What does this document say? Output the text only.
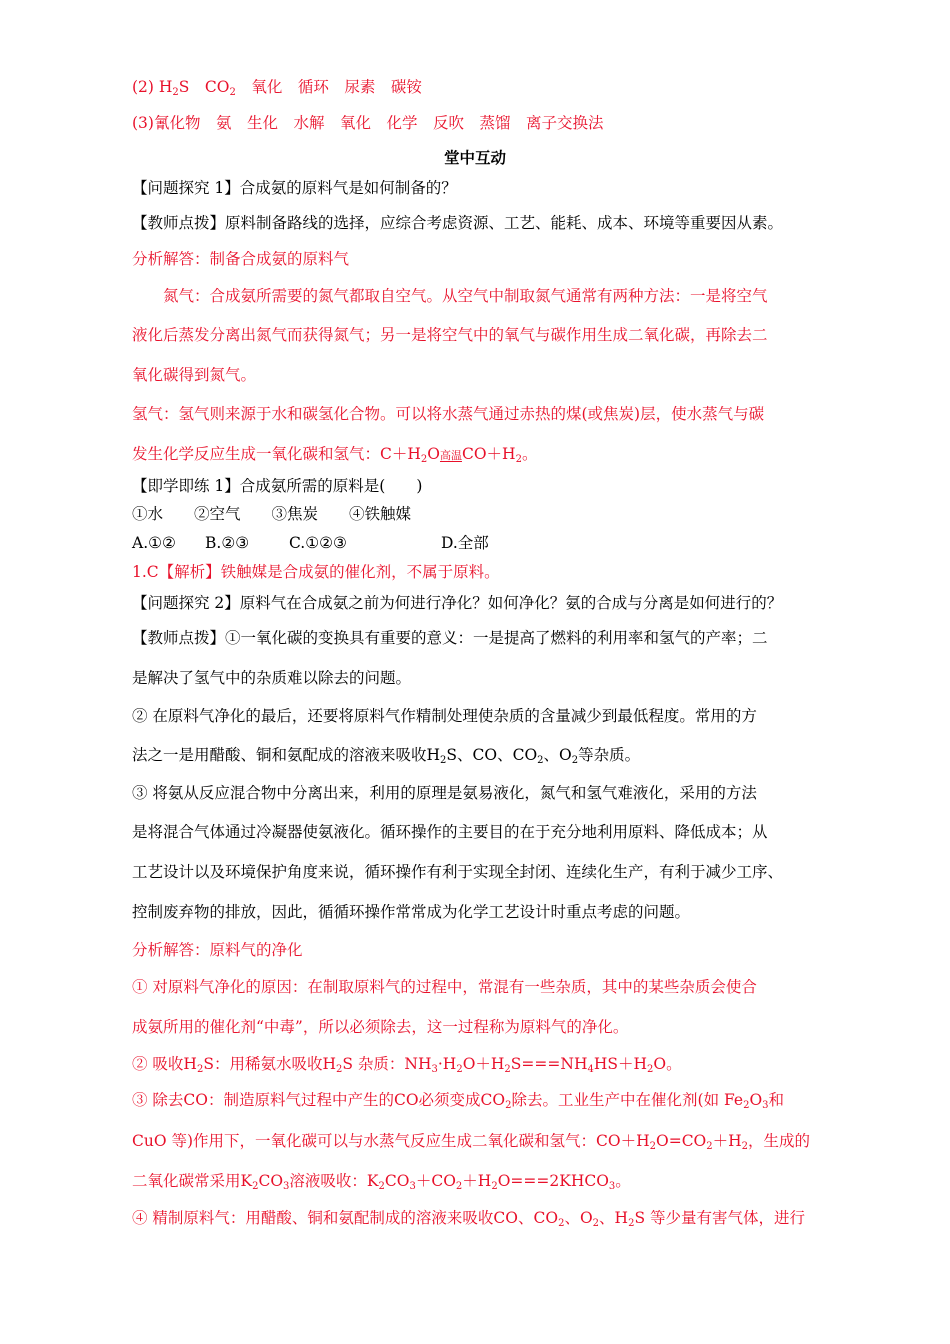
(2) $H_2S$　$CO_2$　氧化　循环　尿素　碳铵
(3)氰化物　氨　生化　水解　氧化　化学　反吹　蒸馏　离子交换法
堂中互动
【问题探究 1】合成氨的原料气是如何制备的？
【教师点拨】原料制备路线的选择，应综合考虑资源、工艺、能耗、成本、环境等重要因从素。
分析解答：制备合成氨的原料气
氮气：合成氨所需要的氮气都取自空气。从空气中制取氮气通常有两种方法：一是将空气
液化后蒸发分离出氮气而获得氮气；另一是将空气中的氧气与碳作用生成二氧化碳，再除去二
氧化碳得到氮气。
氢气：氢气则来源于水和碳氢化合物。可以将水蒸气通过赤热的煤(或焦炭)层，使水蒸气与碳
发生化学反应生成一氧化碳和氢气：$C+H_2O$高温$CO+H_2$。
【即学即练 1】合成氨所需的原料是(　　)
①水　　②空气　　③焦炭　　④铁触媒
A.①② B.②③	C.①②③	D.全部
1.C【解析】铁触媒是合成氨的催化剂，不属于原料。
【问题探究 2】原料气在合成氨之前为何进行净化？如何净化？氨的合成与分离是如何进行的？
【教师点拨】①一氧化碳的变换具有重要的意义：一是提高了燃料的利用率和氢气的产率；二
是解决了氢气中的杂质难以除去的问题。
② 在原料气净化的最后，还要将原料气作精制处理使杂质的含量减少到最低程度。常用的方
法之一是用醋酸、铜和氨配成的溶液来吸收$H_2S$、CO、$CO_2$、$O_2$等杂质。
③ 将氨从反应混合物中分离出来，利用的原理是氨易液化，氮气和氢气难液化，采用的方法
是将混合气体通过冷凝器使氨液化。循环操作的主要目的在于充分地利用原料、降低成本；从
工艺设计以及环境保护角度来说，循环操作有利于实现全封闭、连续化生产，有利于减少工序、
控制废弃物的排放，因此，循循环操作常常成为化学工艺设计时重点考虑的问题。
分析解答：原料气的净化
① 对原料气净化的原因：在制取原料气的过程中，常混有一些杂质，其中的某些杂质会使合
成氨所用的催化剂“中毒”，所以必须除去，这一过程称为原料气的净化。
② 吸收$H_2S$：用稀氨水吸收$H_2S$ 杂质：$NH_3\cdot H_2O+H_2S===NH_4HS+H_2O$。
③ 除去CO：制造原料气过程中产生的CO必须变成$CO_2$除去。工业生产中在催化剂(如 $Fe_2O_3$和
CuO 等)作用下，一氧化碳可以与水蒸气反应生成二氧化碳和氢气：$CO+H_2O=CO_2+H_2$，生成的
二氧化碳常采用$K_2CO_3$溶液吸收：$K_2CO_3+CO_2+H_2O===2KHCO_3$。
④ 精制原料气：用醋酸、铜和氨配制成的溶液来吸收CO、$CO_2$、$O_2$、$H_2S$ 等少量有害气体，进行
